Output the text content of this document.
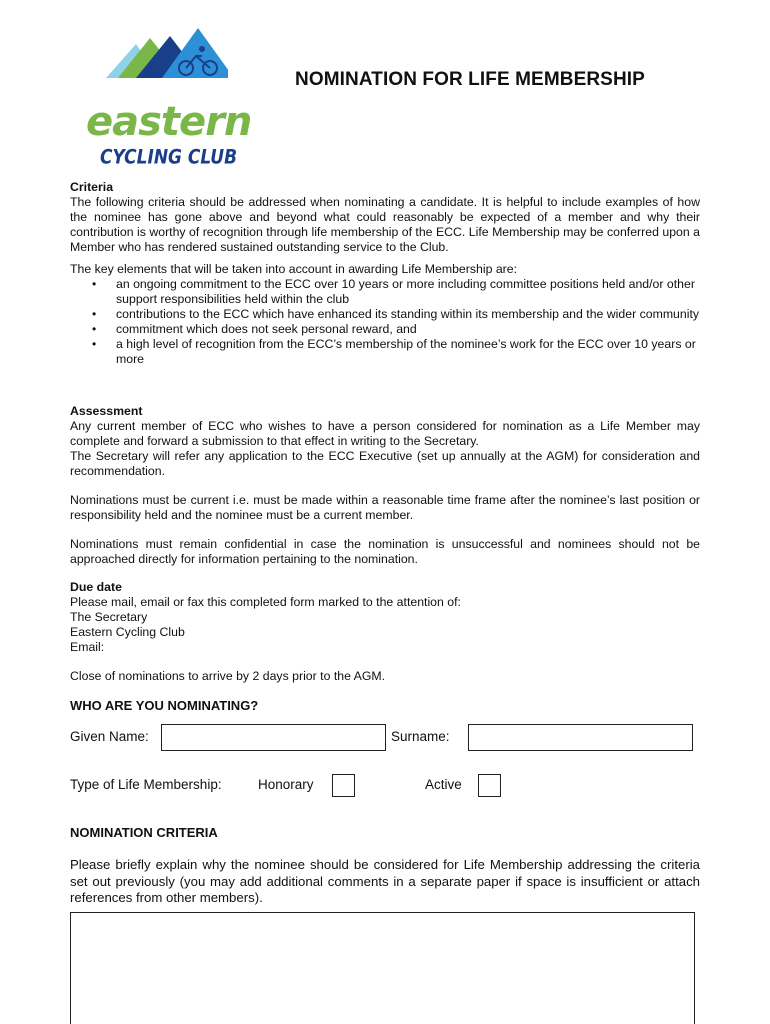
eastern
CYCLING CLUB
NOMINATION FOR LIFE MEMBERSHIP
Criteria

The following criteria should be addressed when nominating a candidate. It is helpful to include examples of how the nominee has gone above and beyond what could reasonably be expected of a member and why their contribution is worthy of recognition through life membership of the ECC. Life Membership may be conferred upon a Member who has rendered sustained outstanding service to the Club.

The key elements that will be taken into account in awarding Life Membership are:

• an ongoing commitment to the ECC over 10 years or more including committee positions held and/or other support responsibilities held within the club
• contributions to the ECC which have enhanced its standing within its membership and the wider community
• commitment which does not seek personal reward, and
• a high level of recognition from the ECC’s membership of the nominee’s work for the ECC over 10 years or more
Assessment

Any current member of ECC who wishes to have a person considered for nomination as a Life Member may complete and forward a submission to that effect in writing to the Secretary.

The Secretary will refer any application to the ECC Executive (set up annually at the AGM) for consideration and recommendation.

Nominations must be current i.e. must be made within a reasonable time frame after the nominee’s last position or responsibility held and the nominee must be a current member.

Nominations must remain confidential in case the nomination is unsuccessful and nominees should not be approached directly for information pertaining to the nomination.

Due date
Please mail, email or fax this completed form marked to the attention of:
The Secretary
Eastern Cycling Club
Email:
Close of nominations to arrive by 2 days prior to the AGM.
WHO ARE YOU NOMINATING?
Given Name:	Surname:
Type of Life Membership:	Honorary	Active
NOMINATION CRITERIA

Please briefly explain why the nominee should be considered for Life Membership addressing the criteria set out previously (you may add additional comments in a separate paper if space is insufficient or attach references from other members).
